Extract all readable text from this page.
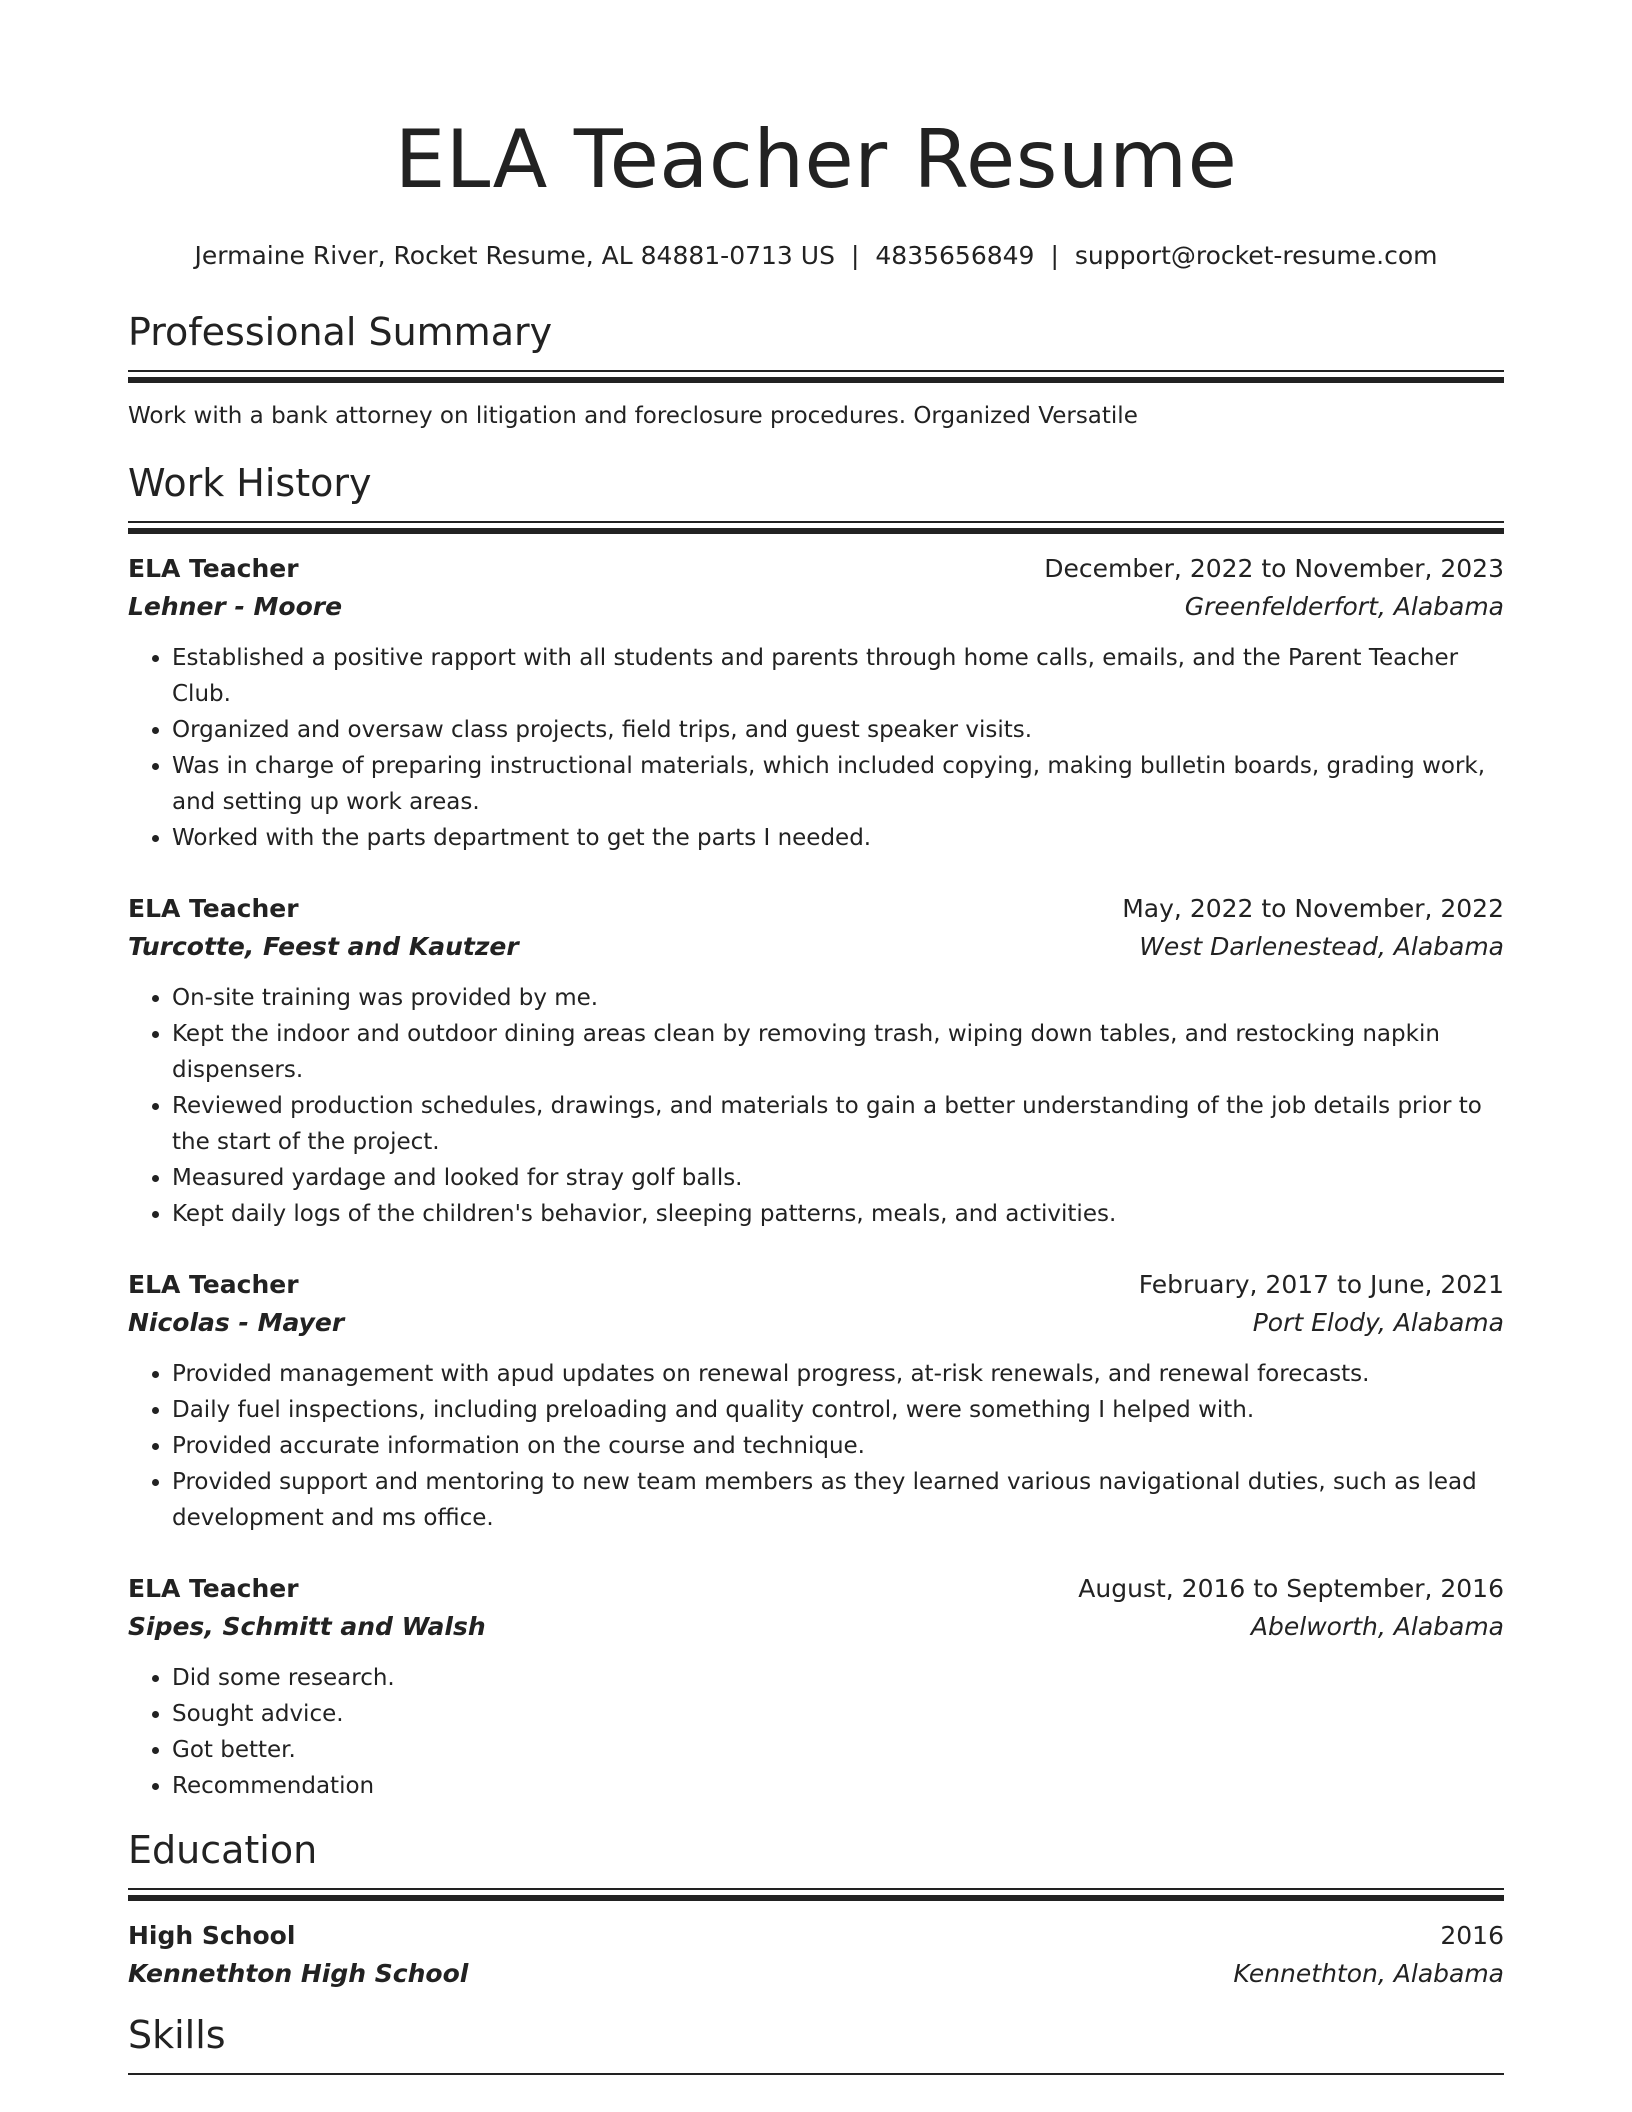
ELA Teacher Resume
Jermaine River, Rocket Resume, AL 84881-0713 US | 4835656849 | support@rocket-resume.com
Professional Summary
Work with a bank attorney on litigation and foreclosure procedures. Organized Versatile
Work History
ELA Teacher	December, 2022 to November, 2023
Lehner - Moore	Greenfelderfort, Alabama
• Established a positive rapport with all students and parents through home calls, emails, and the Parent Teacher Club.
• Organized and oversaw class projects, field trips, and guest speaker visits.
• Was in charge of preparing instructional materials, which included copying, making bulletin boards, grading work, and setting up work areas.
• Worked with the parts department to get the parts I needed.
ELA Teacher	May, 2022 to November, 2022
Turcotte, Feest and Kautzer	West Darlenestead, Alabama
• On-site training was provided by me.
• Kept the indoor and outdoor dining areas clean by removing trash, wiping down tables, and restocking napkin dispensers.
• Reviewed production schedules, drawings, and materials to gain a better understanding of the job details prior to the start of the project.
• Measured yardage and looked for stray golf balls.
• Kept daily logs of the children's behavior, sleeping patterns, meals, and activities.
ELA Teacher	February, 2017 to June, 2021
Nicolas - Mayer	Port Elody, Alabama
• Provided management with apud updates on renewal progress, at-risk renewals, and renewal forecasts.
• Daily fuel inspections, including preloading and quality control, were something I helped with.
• Provided accurate information on the course and technique.
• Provided support and mentoring to new team members as they learned various navigational duties, such as lead development and ms office.
ELA Teacher	August, 2016 to September, 2016
Sipes, Schmitt and Walsh	Abelworth, Alabama
• Did some research.
• Sought advice.
• Got better.
• Recommendation
Education
High School	2016
Kennethton High School	Kennethton, Alabama
Skills
